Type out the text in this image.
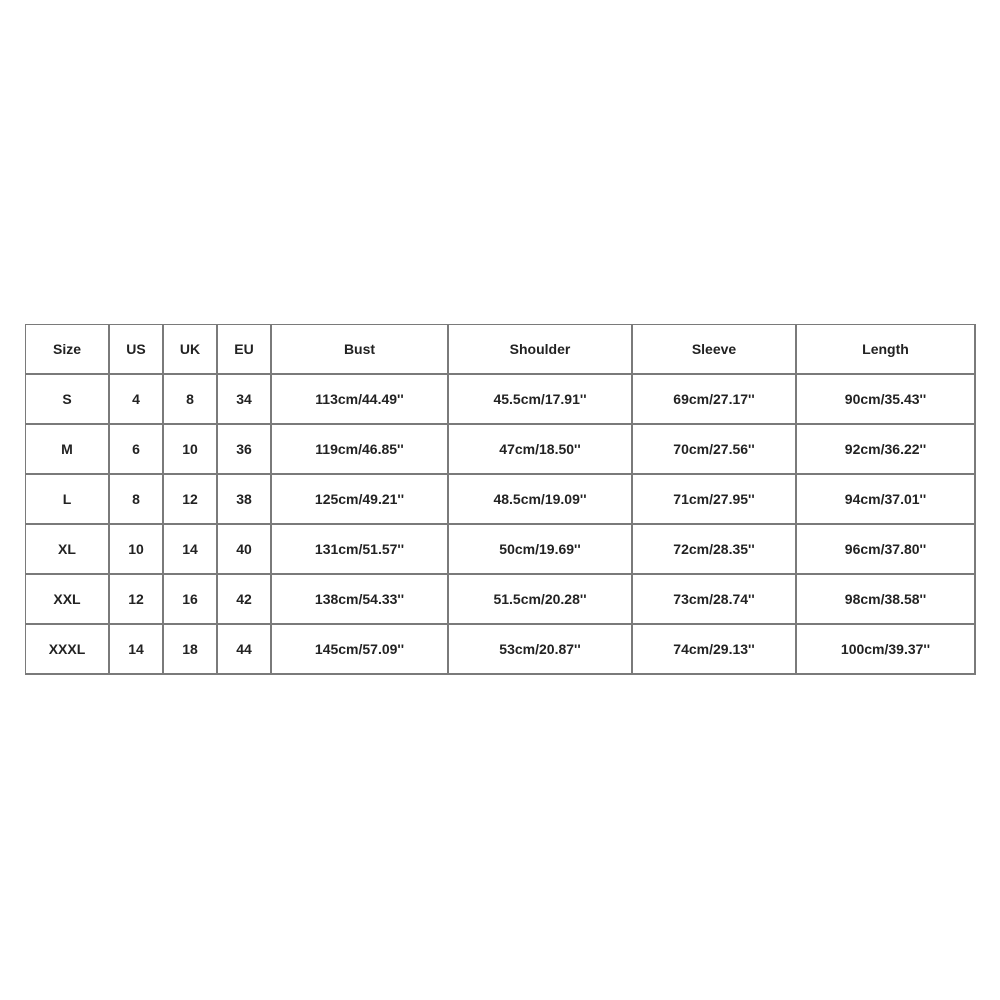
Size	US	UK	EU	Bust	Shoulder	Sleeve	Length
S	4	8	34	113cm/44.49''	45.5cm/17.91''	69cm/27.17''	90cm/35.43''
M	6	10	36	119cm/46.85''	47cm/18.50''	70cm/27.56''	92cm/36.22''
L	8	12	38	125cm/49.21''	48.5cm/19.09''	71cm/27.95''	94cm/37.01''
XL	10	14	40	131cm/51.57''	50cm/19.69''	72cm/28.35''	96cm/37.80''
XXL	12	16	42	138cm/54.33''	51.5cm/20.28''	73cm/28.74''	98cm/38.58''
XXXL	14	18	44	145cm/57.09''	53cm/20.87''	74cm/29.13''	100cm/39.37''
